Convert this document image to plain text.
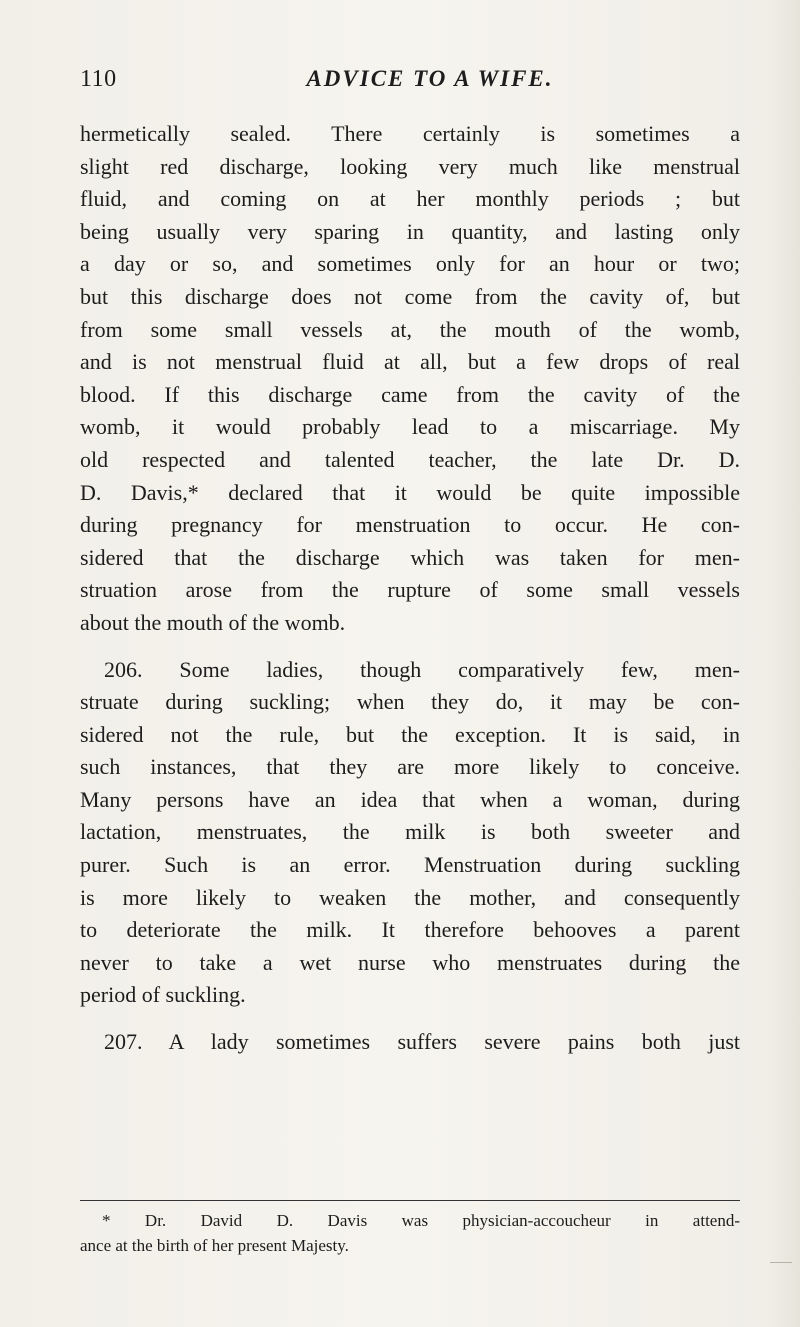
110	ADVICE TO A WIFE.

hermetically sealed. There certainly is sometimes a
slight red discharge, looking very much like menstrual
fluid, and coming on at her monthly periods ; but
being usually very sparing in quantity, and lasting only
a day or so, and sometimes only for an hour or two;
but this discharge does not come from the cavity of, but
from some small vessels at, the mouth of the womb,
and is not menstrual fluid at all, but a few drops of real
blood. If this discharge came from the cavity of the
womb, it would probably lead to a miscarriage. My
old respected and talented teacher, the late Dr. D.
D. Davis,* declared that it would be quite impossible
during pregnancy for menstruation to occur. He con-
sidered that the discharge which was taken for men-
struation arose from the rupture of some small vessels
about the mouth of the womb.

206. Some ladies, though comparatively few, men-
struate during suckling; when they do, it may be con-
sidered not the rule, but the exception. It is said, in
such instances, that they are more likely to conceive.
Many persons have an idea that when a woman, during
lactation, menstruates, the milk is both sweeter and
purer. Such is an error. Menstruation during suckling
is more likely to weaken the mother, and consequently
to deteriorate the milk. It therefore behooves a parent
never to take a wet nurse who menstruates during the
period of suckling.

207. A lady sometimes suffers severe pains both just

* Dr. David D. Davis was physician-accoucheur in attend-
ance at the birth of her present Majesty.
